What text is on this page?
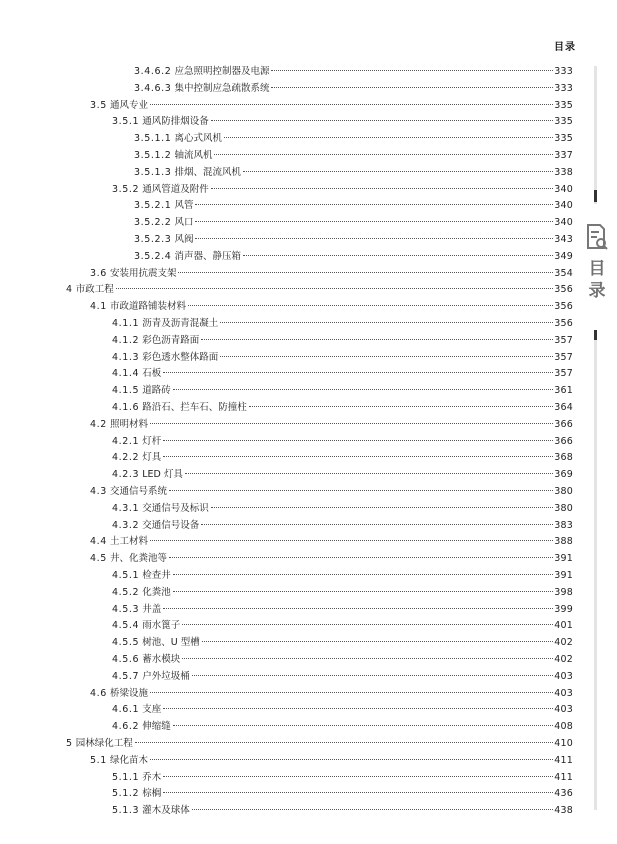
目录
3.4.6.2 应急照明控制器及电源	333
3.4.6.3 集中控制应急疏散系统	333
3.5 通风专业	335
3.5.1 通风防排烟设备	335
3.5.1.1 离心式风机	335
3.5.1.2 轴流风机	337
3.5.1.3 排烟、混流风机	338
3.5.2 通风管道及附件	340
3.5.2.1 风管	340
3.5.2.2 风口	340
3.5.2.3 风阀	343
3.5.2.4 消声器、静压箱	349
3.6 安装用抗震支架	354
4 市政工程	356
4.1 市政道路铺装材料	356
4.1.1 沥青及沥青混凝土	356
4.1.2 彩色沥青路面	357
4.1.3 彩色透水整体路面	357
4.1.4 石板	357
4.1.5 道路砖	361
4.1.6 路沿石、拦车石、防撞柱	364
4.2 照明材料	366
4.2.1 灯杆	366
4.2.2 灯具	368
4.2.3 LED 灯具	369
4.3 交通信号系统	380
4.3.1 交通信号及标识	380
4.3.2 交通信号设备	383
4.4 土工材料	388
4.5 井、化粪池等	391
4.5.1 检查井	391
4.5.2 化粪池	398
4.5.3 井盖	399
4.5.4 雨水篦子	401
4.5.5 树池、U 型槽	402
4.5.6 蓄水模块	402
4.5.7 户外垃圾桶	403
4.6 桥梁设施	403
4.6.1 支座	403
4.6.2 伸缩缝	408
5 园林绿化工程	410
5.1 绿化苗木	411
5.1.1 乔木	411
5.1.2 棕榈	436
5.1.3 灌木及球体	438
目
录
